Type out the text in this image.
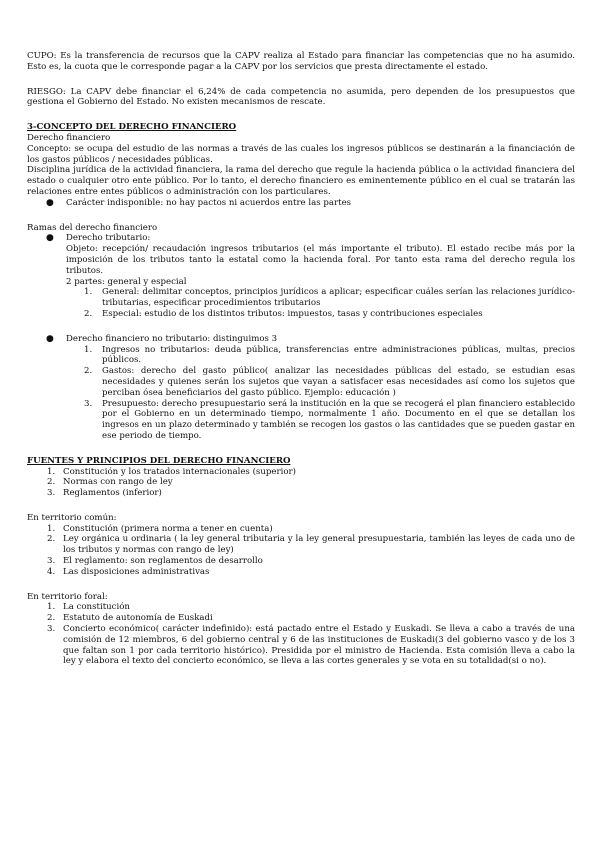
CUPO: Es la transferencia de recursos que la CAPV realiza al Estado para financiar las competencias que no ha asumido. Esto es, la cuota que le corresponde pagar a la CAPV por los servicios que presta directamente el estado.

RIESGO: La CAPV debe financiar el 6,24% de cada competencia no asumida, pero dependen de los presupuestos que gestiona el Gobierno del Estado. No existen mecanismos de rescate.

3-CONCEPTO DEL DERECHO FINANCIERO

Derecho financiero

Concepto: se ocupa del estudio de las normas a través de las cuales los ingresos públicos se destinarán a la financiación de los gastos públicos / necesidades públicas.

Disciplina jurídica de la actividad financiera, la rama del derecho que regule la hacienda pública o la actividad financiera del estado o cualquier otro ente público. Por lo tanto, el derecho financiero es eminentemente público en el cual se tratarán las relaciones entre entes públicos o administración con los particulares.

● Carácter indisponible: no hay pactos ni acuerdos entre las partes

Ramas del derecho financiero

● Derecho tributario:

Objeto: recepción/ recaudación ingresos tributarios (el más importante el tributo). El estado recibe más por la imposición de los tributos tanto la estatal como la hacienda foral. Por tanto esta rama del derecho regula los tributos.

2 partes: general y especial

1. General: delimitar conceptos, principios jurídicos a aplicar; especificar cuáles serían las relaciones jurídico-tributarias, especificar procedimientos tributarios
2. Especial: estudio de los distintos tributos: impuestos, tasas y contribuciones especiales
● Derecho financiero no tributario: distinguimos 3
1. Ingresos no tributarios: deuda pública, transferencias entre administraciones públicas, multas, precios públicos.
2. Gastos: derecho del gasto público( analizar las necesidades públicas del estado, se estudian esas necesidades y quienes serán los sujetos que vayan a satisfacer esas necesidades así como los sujetos que perciban ósea beneficiarios del gasto público. Ejemplo: educación )
3. Presupuesto: derecho presupuestario será la institución en la que se recogerá el plan financiero establecido por el Gobierno en un determinado tiempo, normalmente 1 año. Documento en el que se detallan los ingresos en un plazo determinado y también se recogen los gastos o las cantidades que se pueden gastar en ese periodo de tiempo.

FUENTES Y PRINCIPIOS DEL DERECHO FINANCIERO

1. Constitución y los tratados internacionales (superior)
2. Normas con rango de ley
3. Reglamentos (inferior)

En territorio común:

1. Constitución (primera norma a tener en cuenta)
2. Ley orgánica u ordinaria ( la ley general tributaria y la ley general presupuestaria, también las leyes de cada uno de los tributos y normas con rango de ley)
3. El reglamento: son reglamentos de desarrollo
4. Las disposiciones administrativas

En territorio foral:

1. La constitución
2. Estatuto de autonomía de Euskadi
3. Concierto económico( carácter indefinido): está pactado entre el Estado y Euskadi. Se lleva a cabo a través de una comisión de 12 miembros, 6 del gobierno central y 6 de las instituciones de Euskadi(3 del gobierno vasco y de los 3 que faltan son 1 por cada territorio histórico). Presidida por el ministro de Hacienda. Esta comisión lleva a cabo la ley y elabora el texto del concierto económico, se lleva a las cortes generales y se vota en su totalidad(si o no).
